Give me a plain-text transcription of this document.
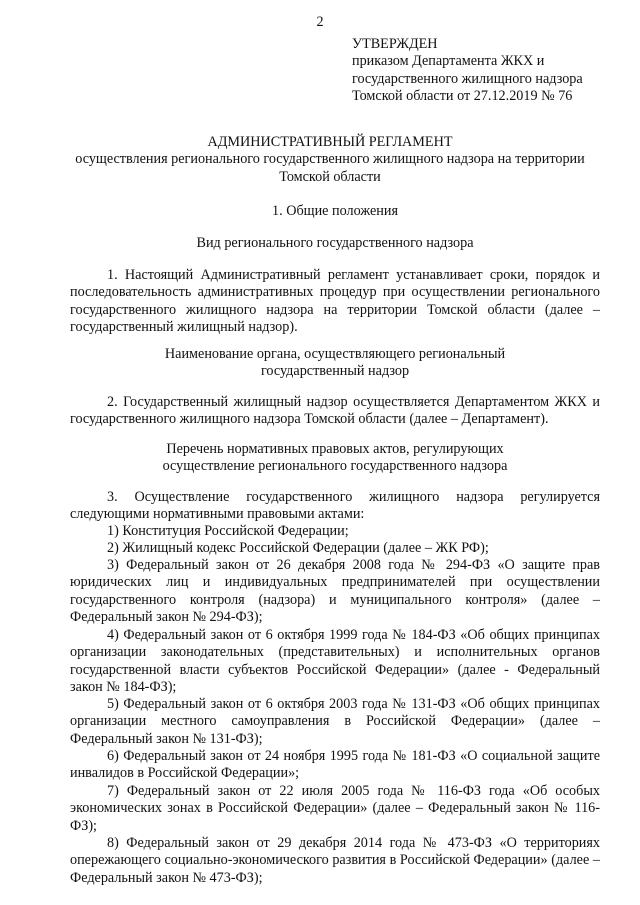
2
УТВЕРЖДЕН
приказом Департамента ЖКХ и
государственного жилищного надзора
Томской области от 27.12.2019 № 76
АДМИНИСТРАТИВНЫЙ РЕГЛАМЕНТ
осуществления регионального государственного жилищного надзора на территории
Томской области
1. Общие положения
Вид регионального государственного надзора

1. Настоящий Административный регламент устанавливает сроки, порядок и последовательность административных процедур при осуществлении регионального государственного жилищного надзора на территории Томской области (далее – государственный жилищный надзор).

Наименование органа, осуществляющего региональный
государственный надзор

2. Государственный жилищный надзор осуществляется Департаментом ЖКХ и государственного жилищного надзора Томской области (далее – Департамент).

Перечень нормативных правовых актов, регулирующих
осуществление регионального государственного надзора

3. Осуществление государственного жилищного надзора регулируется следующими нормативными правовыми актами:

1) Конституция Российской Федерации;

2) Жилищный кодекс Российской Федерации (далее – ЖК РФ);

3) Федеральный закон от 26 декабря 2008 года № 294-ФЗ «О защите прав юридических лиц и индивидуальных предпринимателей при осуществлении государственного контроля (надзора) и муниципального контроля» (далее – Федеральный закон № 294-ФЗ);

4) Федеральный закон от 6 октября 1999 года № 184-ФЗ «Об общих принципах организации законодательных (представительных) и исполнительных органов государственной власти субъектов Российской Федерации» (далее - Федеральный закон № 184-ФЗ);

5) Федеральный закон от 6 октября 2003 года № 131-ФЗ «Об общих принципах организации местного самоуправления в Российской Федерации» (далее – Федеральный закон № 131-ФЗ);

6) Федеральный закон от 24 ноября 1995 года № 181-ФЗ «О социальной защите инвалидов в Российской Федерации»;

7) Федеральный закон от 22 июля 2005 года № 116-ФЗ года «Об особых экономических зонах в Российской Федерации» (далее – Федеральный закон № 116-ФЗ);

8) Федеральный закон от 29 декабря 2014 года № 473-ФЗ «О территориях опережающего социально-экономического развития в Российской Федерации» (далее – Федеральный закон № 473-ФЗ);
